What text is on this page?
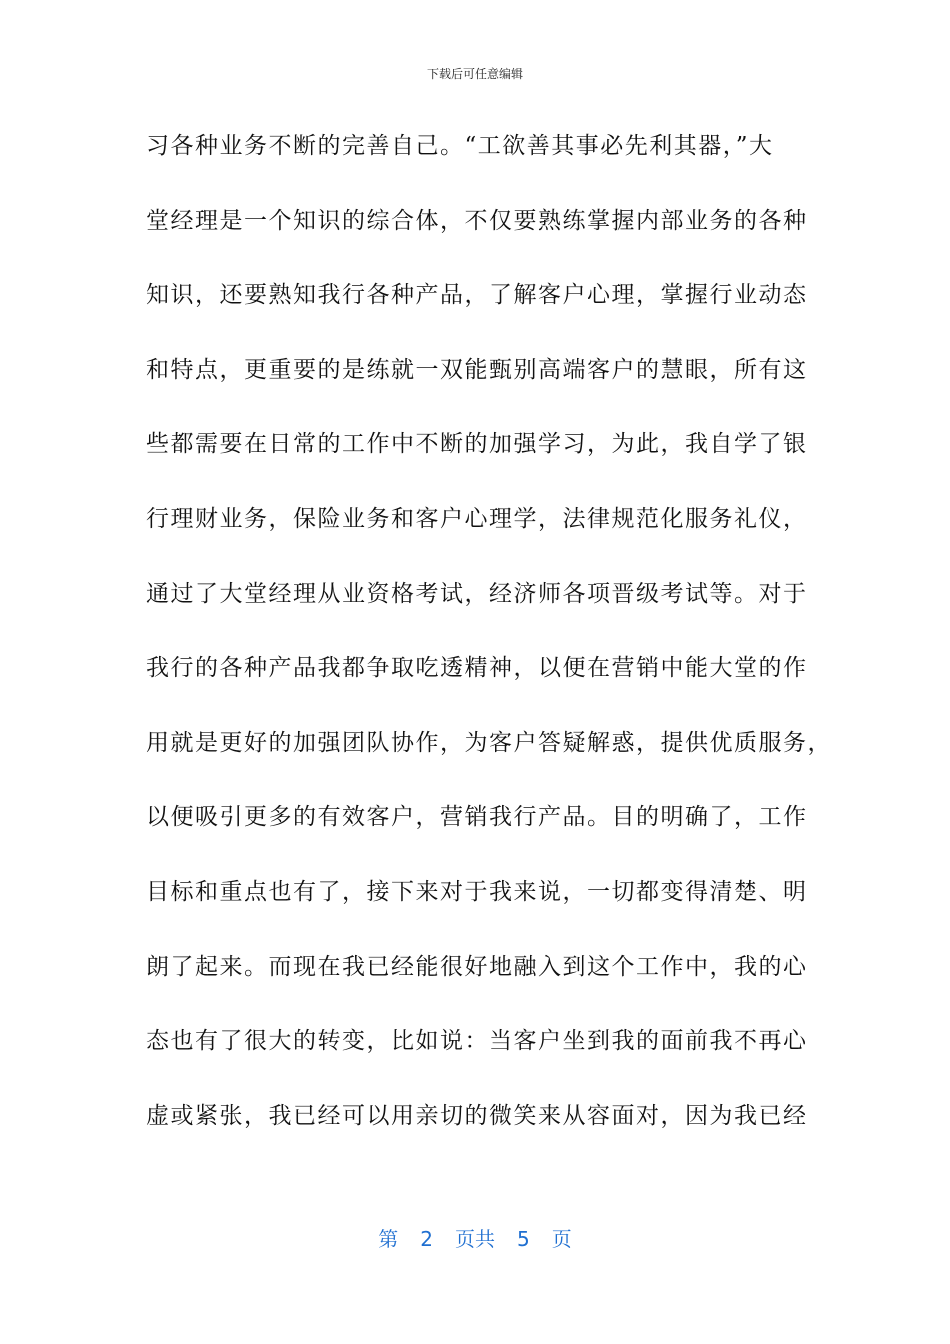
下载后可任意编辑
习各种业务不断的完善自己。“工欲善其事必先利其器，”大
堂经理是一个知识的综合体，不仅要熟练掌握内部业务的各种
知识，还要熟知我行各种产品，了解客户心理，掌握行业动态
和特点，更重要的是练就一双能甄别高端客户的慧眼，所有这
些都需要在日常的工作中不断的加强学习，为此，我自学了银
行理财业务，保险业务和客户心理学，法律规范化服务礼仪，
通过了大堂经理从业资格考试，经济师各项晋级考试等。对于
我行的各种产品我都争取吃透精神，以便在营销中能大堂的作
用就是更好的加强团队协作，为客户答疑解惑，提供优质服务，
以便吸引更多的有效客户，营销我行产品。目的明确了，工作
目标和重点也有了，接下来对于我来说，一切都变得清楚、明
朗了起来。而现在我已经能很好地融入到这个工作中，我的心
态也有了很大的转变，比如说：当客户坐到我的面前我不再心
虚或紧张，我已经可以用亲切的微笑来从容面对，因为我已经
第 2 页共 5 页
